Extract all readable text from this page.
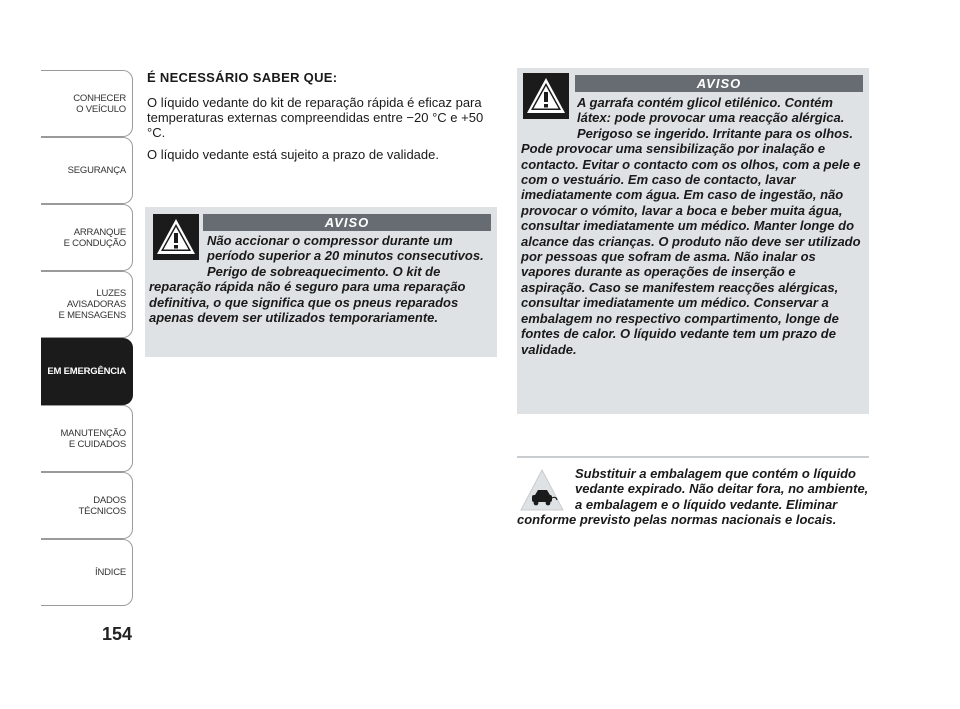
CONHECER
O VEÍCULO
SEGURANÇA
ARRANQUE
E CONDUÇÃO
LUZES
AVISADORAS
E MENSAGENS
EM EMERGÊNCIA
MANUTENÇÃO
E CUIDADOS
DADOS
TÉCNICOS
ÍNDICE
154

É NECESSÁRIO SABER QUE:

O líquido vedante do kit de reparação rápida é eficaz para temperaturas externas compreendidas entre −20 °C e +50 °C.

O líquido vedante está sujeito a prazo de validade.

AVISO

Não accionar o compressor durante um período superior a 20 minutos consecutivos. Perigo de sobreaquecimento. O kit de reparação rápida não é seguro para uma reparação definitiva, o que significa que os pneus reparados apenas devem ser utilizados temporariamente.

AVISO

A garrafa contém glicol etilénico. Contém látex: pode provocar uma reacção alérgica. Perigoso se ingerido. Irritante para os olhos. Pode provocar uma sensibilização por inalação e contacto. Evitar o contacto com os olhos, com a pele e com o vestuário. Em caso de contacto, lavar imediatamente com água. Em caso de ingestão, não provocar o vómito, lavar a boca e beber muita água, consultar imediatamente um médico. Manter longe do alcance das crianças. O produto não deve ser utilizado por pessoas que sofram de asma. Não inalar os vapores durante as operações de inserção e aspiração. Caso se manifestem reacções alérgicas, consultar imediatamente um médico. Conservar a embalagem no respectivo compartimento, longe de fontes de calor. O líquido vedante tem um prazo de validade.

Substituir a embalagem que contém o líquido vedante expirado. Não deitar fora, no ambiente, a embalagem e o líquido vedante. Eliminar conforme previsto pelas normas nacionais e locais.
